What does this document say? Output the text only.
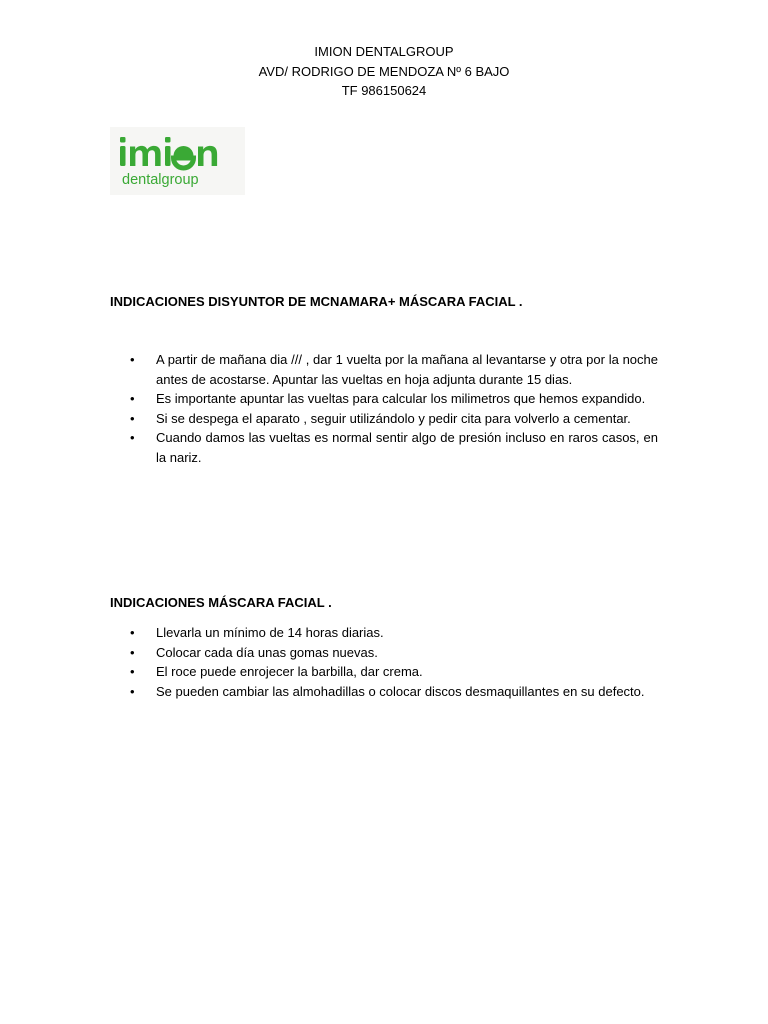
IMION DENTALGROUP
AVD/ RODRIGO DE MENDOZA Nº 6 BAJO
TF 986150624
dentalgroup
INDICACIONES DISYUNTOR DE MCNAMARA+ MÁSCARA FACIAL .
• A partir de mañana dia /// , dar 1 vuelta por la mañana al levantarse y otra por la noche antes de acostarse. Apuntar las vueltas en hoja adjunta durante 15 dias.
• Es importante apuntar las vueltas para calcular los milimetros que hemos expandido.
• Si se despega el aparato , seguir utilizándolo y pedir cita para volverlo a cementar.
• Cuando damos las vueltas es normal sentir algo de presión incluso en raros casos, en la nariz.
INDICACIONES MÁSCARA FACIAL .
• Llevarla un mínimo de 14 horas diarias.
• Colocar cada día unas gomas nuevas.
• El roce puede enrojecer la barbilla, dar crema.
• Se pueden cambiar las almohadillas o colocar discos desmaquillantes en su defecto.
